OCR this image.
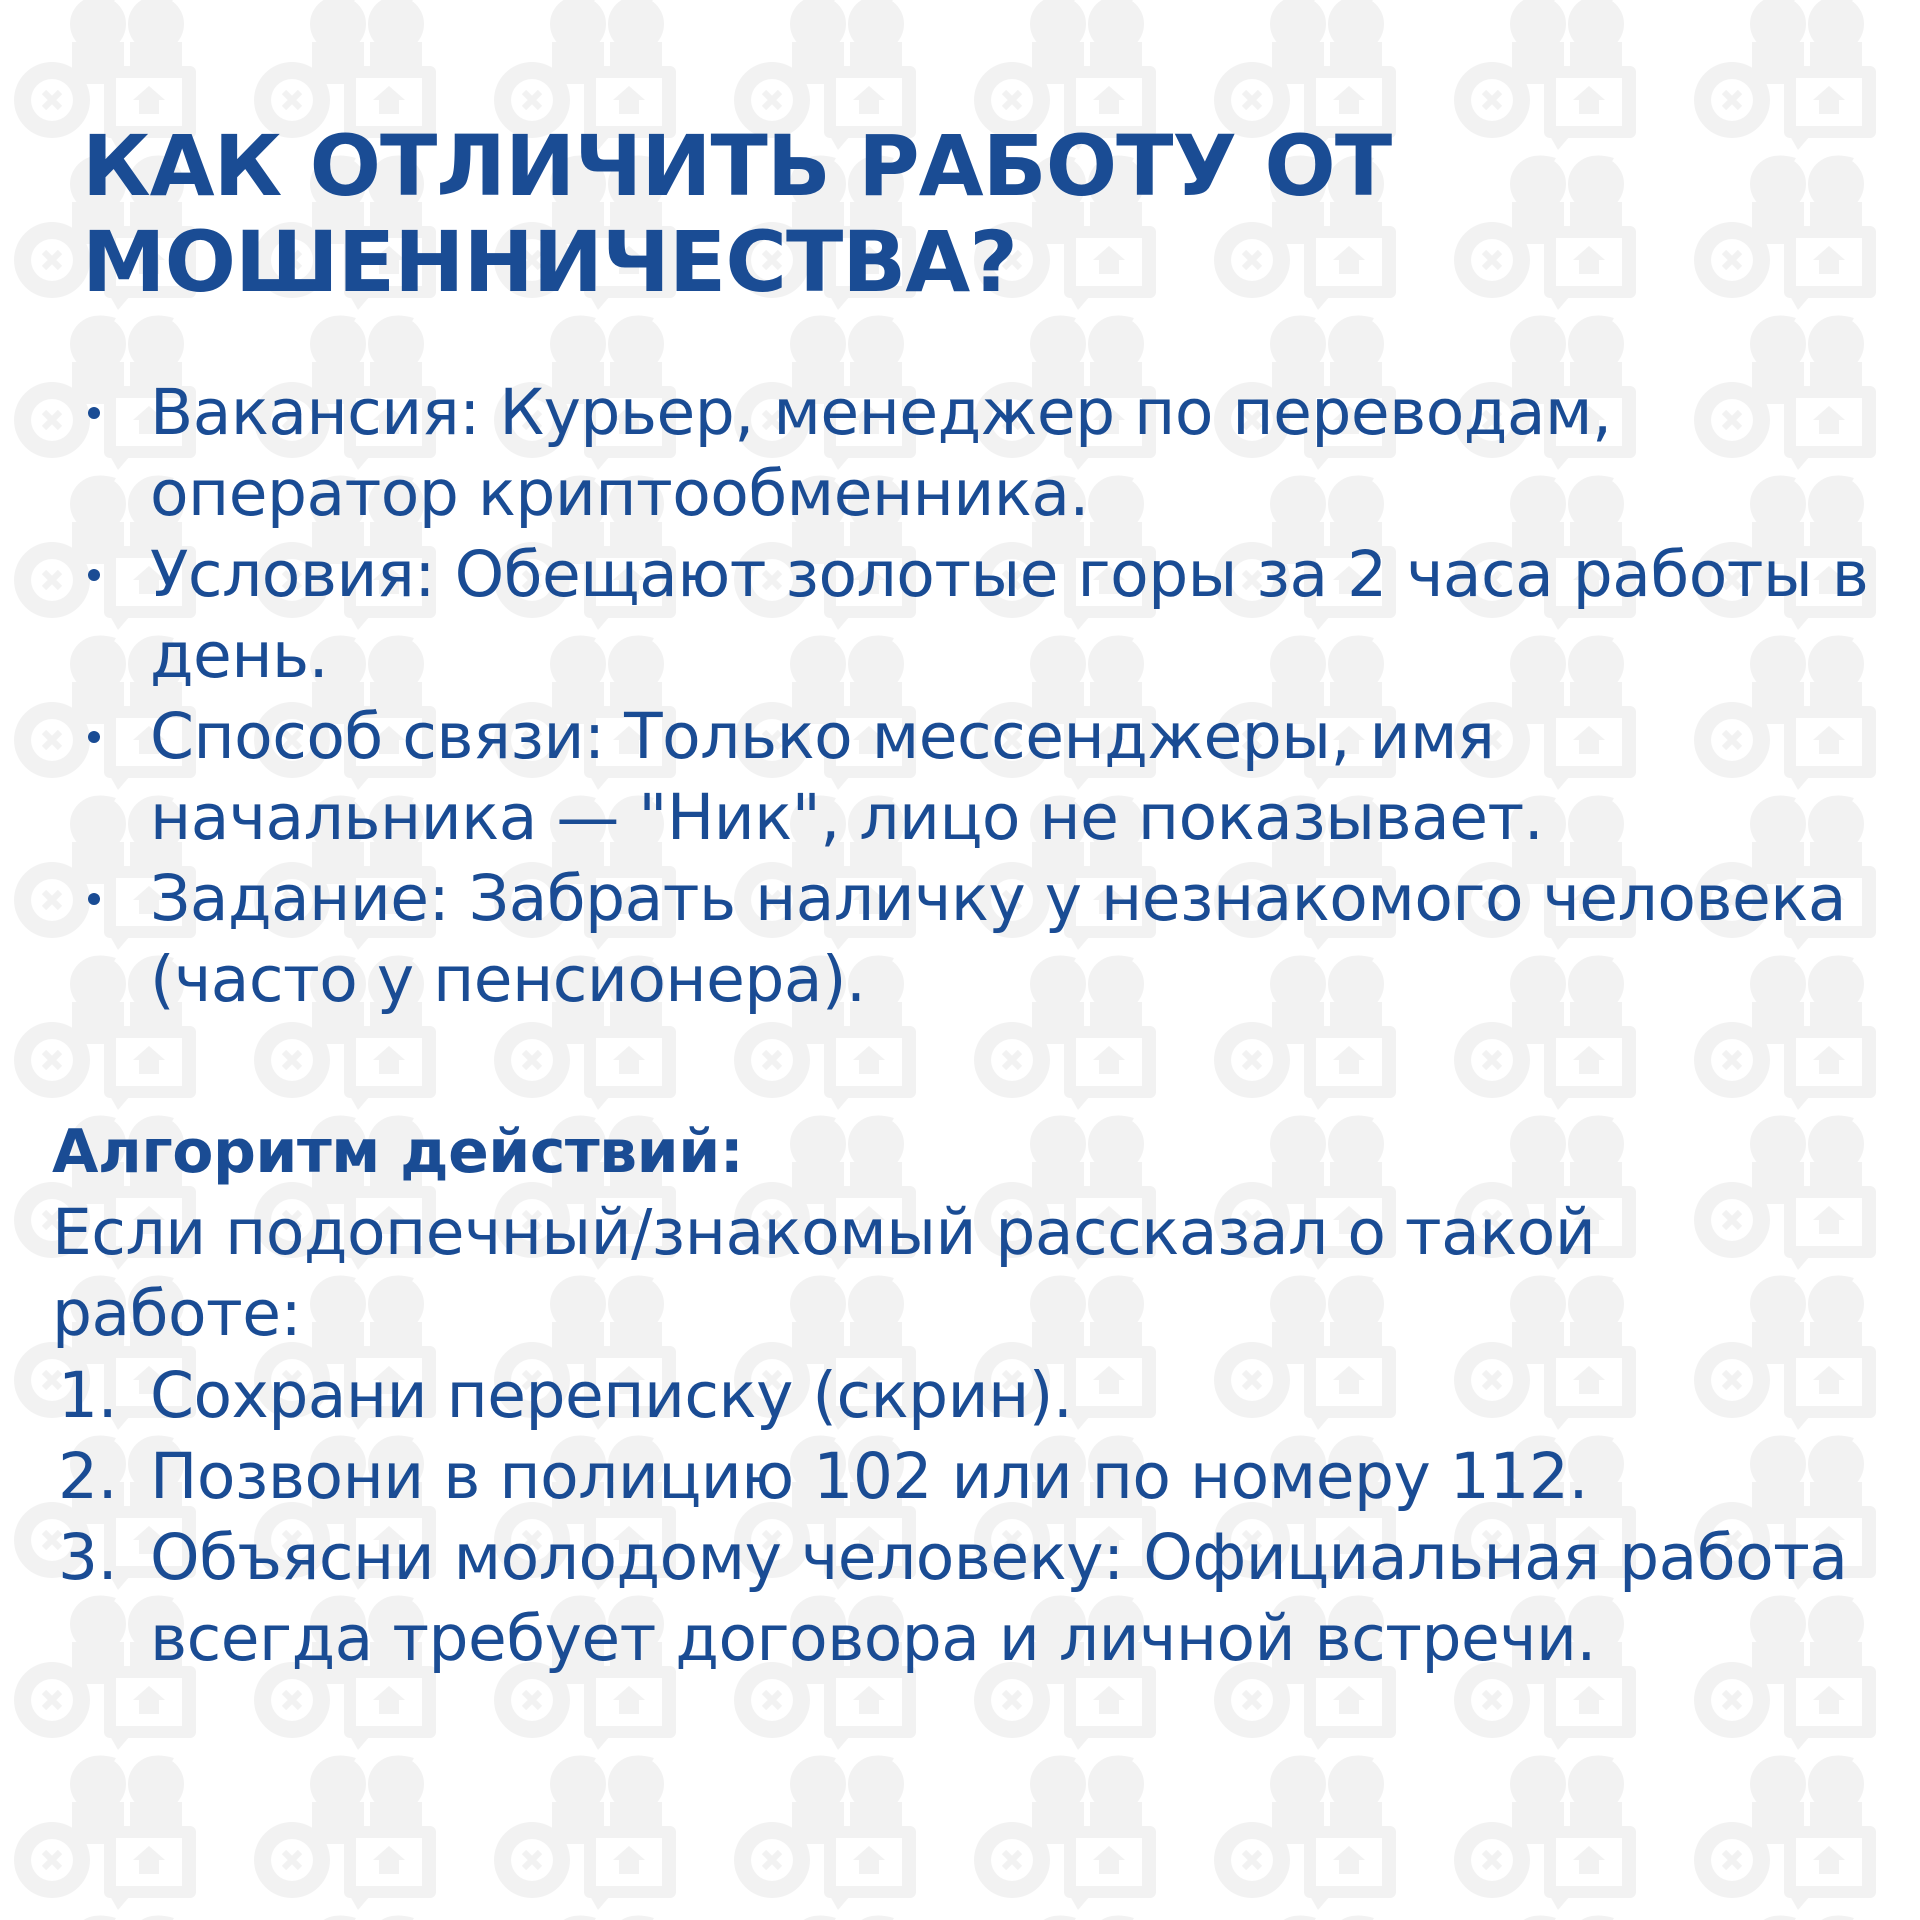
КАК ОТЛИЧИТЬ РАБОТУ ОТ МОШЕННИЧЕСТВА?
Вакансия: Курьер, менеджер по переводам, оператор криптообменника.
Условия: Обещают золотые горы за 2 часа работы в день.
Способ связи: Только мессенджеры, имя начальника — "Ник", лицо не показывает.
Задание: Забрать наличку у незнакомого человека (часто у пенсионера).
Алгоритм действий:

Если подопечный/знакомый рассказал о такой работе:

1. Сохрани переписку (скрин).
2. Позвони в полицию 102 или по номеру 112.
3. Объясни молодому человеку: Официальная работа всегда требует договора и личной встречи.
